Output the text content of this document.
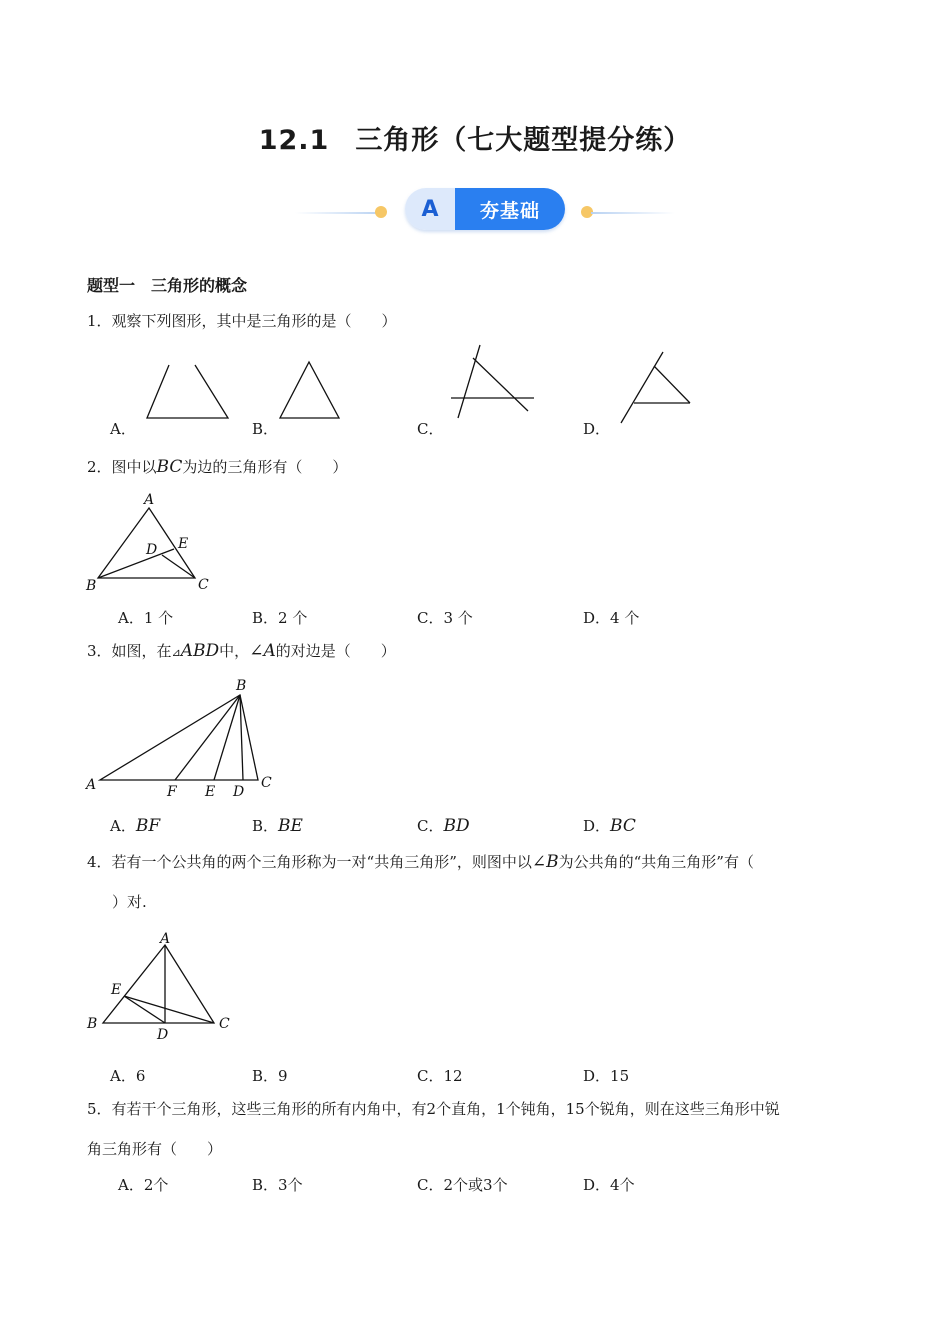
12.1 三角形（七大题型提分练）
A	夯基础
题型一　三角形的概念
1．观察下列图形，其中是三角形的是（　　）
A．	B．	C．	D．
2．图中以BC为边的三角形有（　　）
A
B	C
D E
A．1 个	B．2 个	C．3 个	D．4 个
3．如图，在⊿ABD中，∠A的对边是（　　）
B
A	C
F E D
A．BF	B．BE	C．BD	D．BC
4．若有一个公共角的两个三角形称为一对“共角三角形”，则图中以∠B为公共角的“共角三角形”有（
）对.
A
E
B	C
D
A．6	B．9	C．12	D．15
5．有若干个三角形，这些三角形的所有内角中，有2个直角，1个钝角，15个锐角，则在这些三角形中锐
角三角形有（　　）
A．2个	B．3个	C．2个或3个	D．4个
